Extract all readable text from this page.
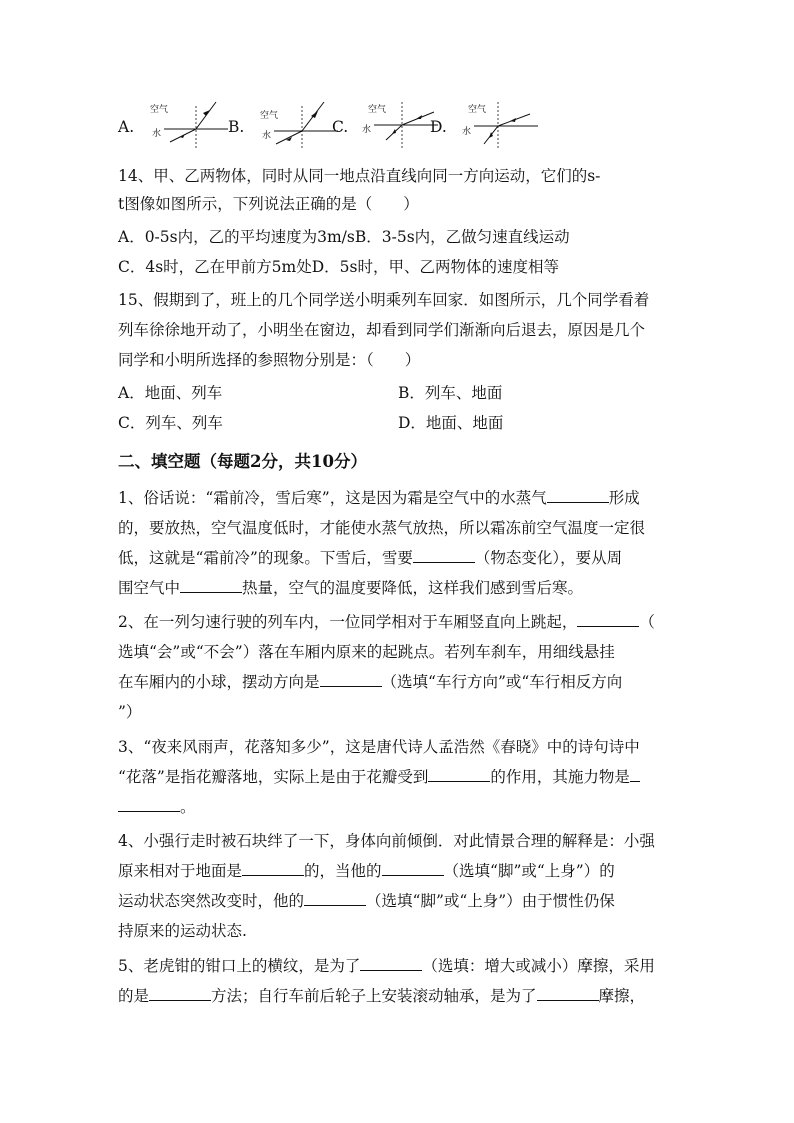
A.
空气
水	B.
空气
水	C.
空气
水	D.
空气
水
14、甲、乙两物体，同时从同一地点沿直线向同一方向运动，它们的s-
t图像如图所示，下列说法正确的是（　　）
A．0-5s内，乙的平均速度为3m/sB．3-5s内，乙做匀速直线运动
C．4s时，乙在甲前方5m处D．5s时，甲、乙两物体的速度相等
15、假期到了，班上的几个同学送小明乘列车回家．如图所示，几个同学看着
列车徐徐地开动了，小明坐在窗边，却看到同学们渐渐向后退去，原因是几个
同学和小明所选择的参照物分别是：（　　）
A．地面、列车	B．列车、地面
C．列车、列车	D．地面、地面
二、填空题（每题2分，共10分）
1、俗话说：“霜前冷，雪后寒”，这是因为霜是空气中的水蒸气	形成
的，要放热，空气温度低时，才能使水蒸气放热，所以霜冻前空气温度一定很
低，这就是“霜前冷”的现象。下雪后，雪要	（物态变化），要从周
围空气中	热量，空气的温度要降低，这样我们感到雪后寒。
2、在一列匀速行驶的列车内，一位同学相对于车厢竖直向上跳起，	（
选填“会”或“不会”）落在车厢内原来的起跳点。若列车刹车，用细线悬挂
在车厢内的小球，摆动方向是	（选填“车行方向”或“车行相反方向
”）
3、“夜来风雨声，花落知多少”，这是唐代诗人孟浩然《春晓》中的诗句诗中
“花落”是指花瓣落地，实际上是由于花瓣受到	的作用，其施力物是
。
4、小强行走时被石块绊了一下，身体向前倾倒．对此情景合理的解释是：小强
原来相对于地面是	的，当他的	（选填“脚”或“上身”）的
运动状态突然改变时，他的	（选填“脚”或“上身”）由于惯性仍保
持原来的运动状态.
5、老虎钳的钳口上的横纹，是为了	（选填：增大或减小）摩擦，采用
的是	方法；自行车前后轮子上安装滚动轴承，是为了	摩擦，
